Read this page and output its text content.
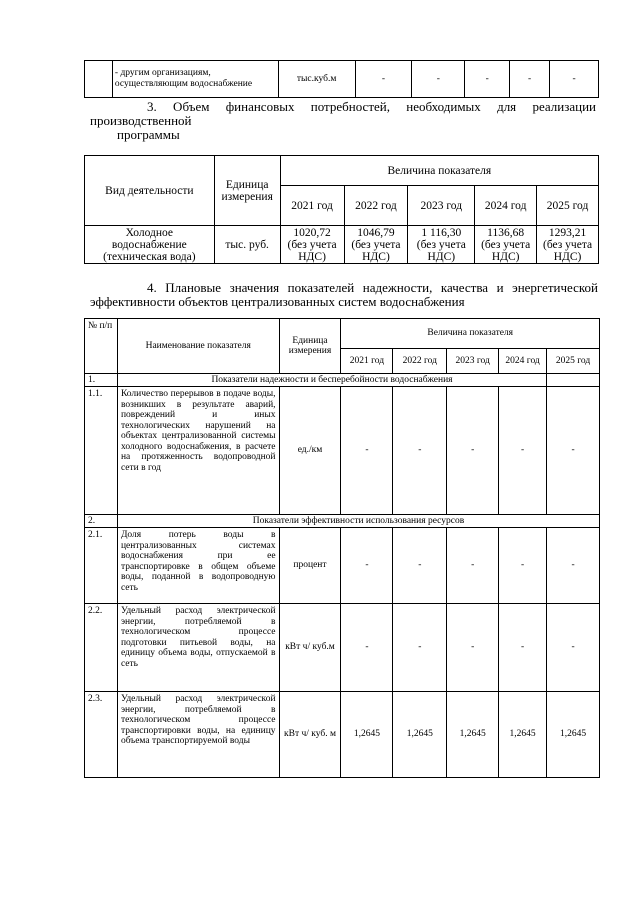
	- другим организациям, осуществляющим водоснабжение	тыс.куб.м	-	-	-	-	-
3. Объем финансовых потребностей, необходимых для реализации
производственной
программы
Вид деятельности	Единица измерения	Величина показателя				
		2021 год	2022 год	2023 год	2024 год	2025 год
Холодное водоснабжение (техническая вода)	тыс. руб.	1020,72 (без учета НДС)	1046,79 (без учета НДС)	1 116,30 (без учета НДС)	1136,68 (без учета НДС)	1293,21 (без учета НДС)
4. Плановые значения показателей надежности, качества и энергетической
эффективности объектов централизованных систем водоснабжения
№ п/п	Наименование показателя	Единица измерения	Величина показателя				
			2021 год	2022 год	2023 год	2024 год	2025 год
1.	Показатели надежности и бесперебойности водоснабжения						
1.1.	Количество перерывов в подаче воды, возникших в результате аварий, повреждений и иных технологических нарушений на объектах централизованной системы холодного водоснабжения, в расчете на протяженность водопроводной сети в год	ед./км	-	-	-	-	-
2.	Показатели эффективности использования ресурсов						
2.1.	Доля потерь воды в централизованных системах водоснабжения при ее транспортировке в общем объеме воды, поданной в водопроводную сеть	процент	-	-	-	-	-
2.2.	Удельный расход электрической энергии, потребляемой в технологическом процессе подготовки питьевой воды, на единицу объема воды, отпускаемой в сеть	кВт ч/ куб.м	-	-	-	-	-
2.3.	Удельный расход электрической энергии, потребляемой в технологическом процессе транспортировки воды, на единицу объема транспортируемой воды	кВт ч/ куб. м	1,2645	1,2645	1,2645	1,2645	1,2645
